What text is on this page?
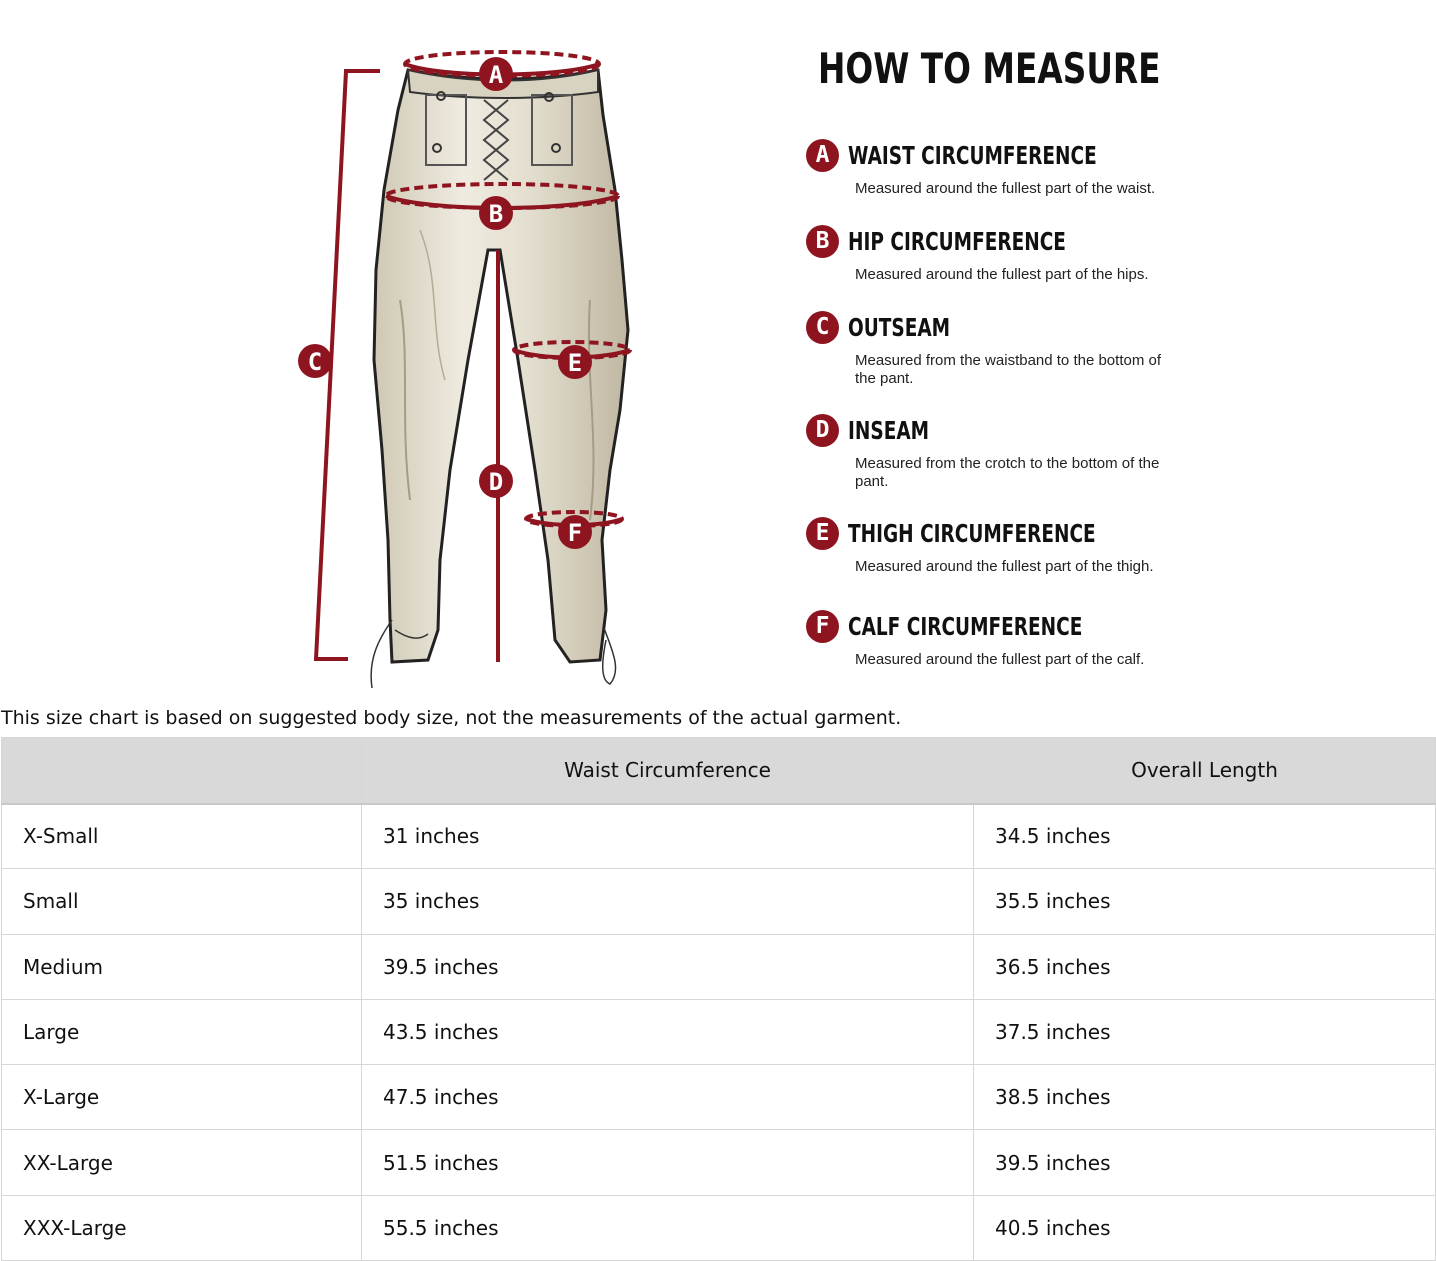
A
B
C
D
E
F
HOW TO MEASURE
A WAIST CIRCUMFERENCE
Measured around the fullest part of the waist.
B HIP CIRCUMFERENCE
Measured around the fullest part of the hips.
C OUTSEAM
Measured from the waistband to the bottom of the pant.
D INSEAM
Measured from the crotch to the bottom of the pant.
E THIGH CIRCUMFERENCE
Measured around the fullest part of the thigh.
F CALF CIRCUMFERENCE
Measured around the fullest part of the calf.
This size chart is based on suggested body size, not the measurements of the actual garment.
	Waist Circumference	Overall Length
X-Small	31 inches	34.5 inches
Small	35 inches	35.5 inches
Medium	39.5 inches	36.5 inches
Large	43.5 inches	37.5 inches
X-Large	47.5 inches	38.5 inches
XX-Large	51.5 inches	39.5 inches
XXX-Large	55.5 inches	40.5 inches
